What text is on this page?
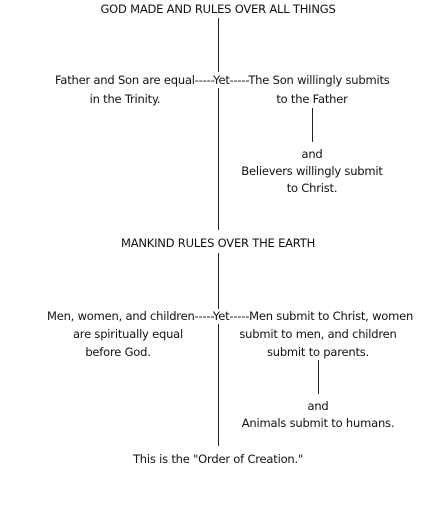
GOD MADE AND RULES OVER ALL THINGS
Father and Son are equal-----Yet-----The Son willingly submits
in the Trinity.	to the Father
and
Believers willingly submit
to Christ.
MANKIND RULES OVER THE EARTH
Men, women, and children-----Yet-----Men submit to Christ, women
are spiritually equal	submit to men, and children
before God.	submit to parents.
and
Animals submit to humans.
This is the "Order of Creation."
